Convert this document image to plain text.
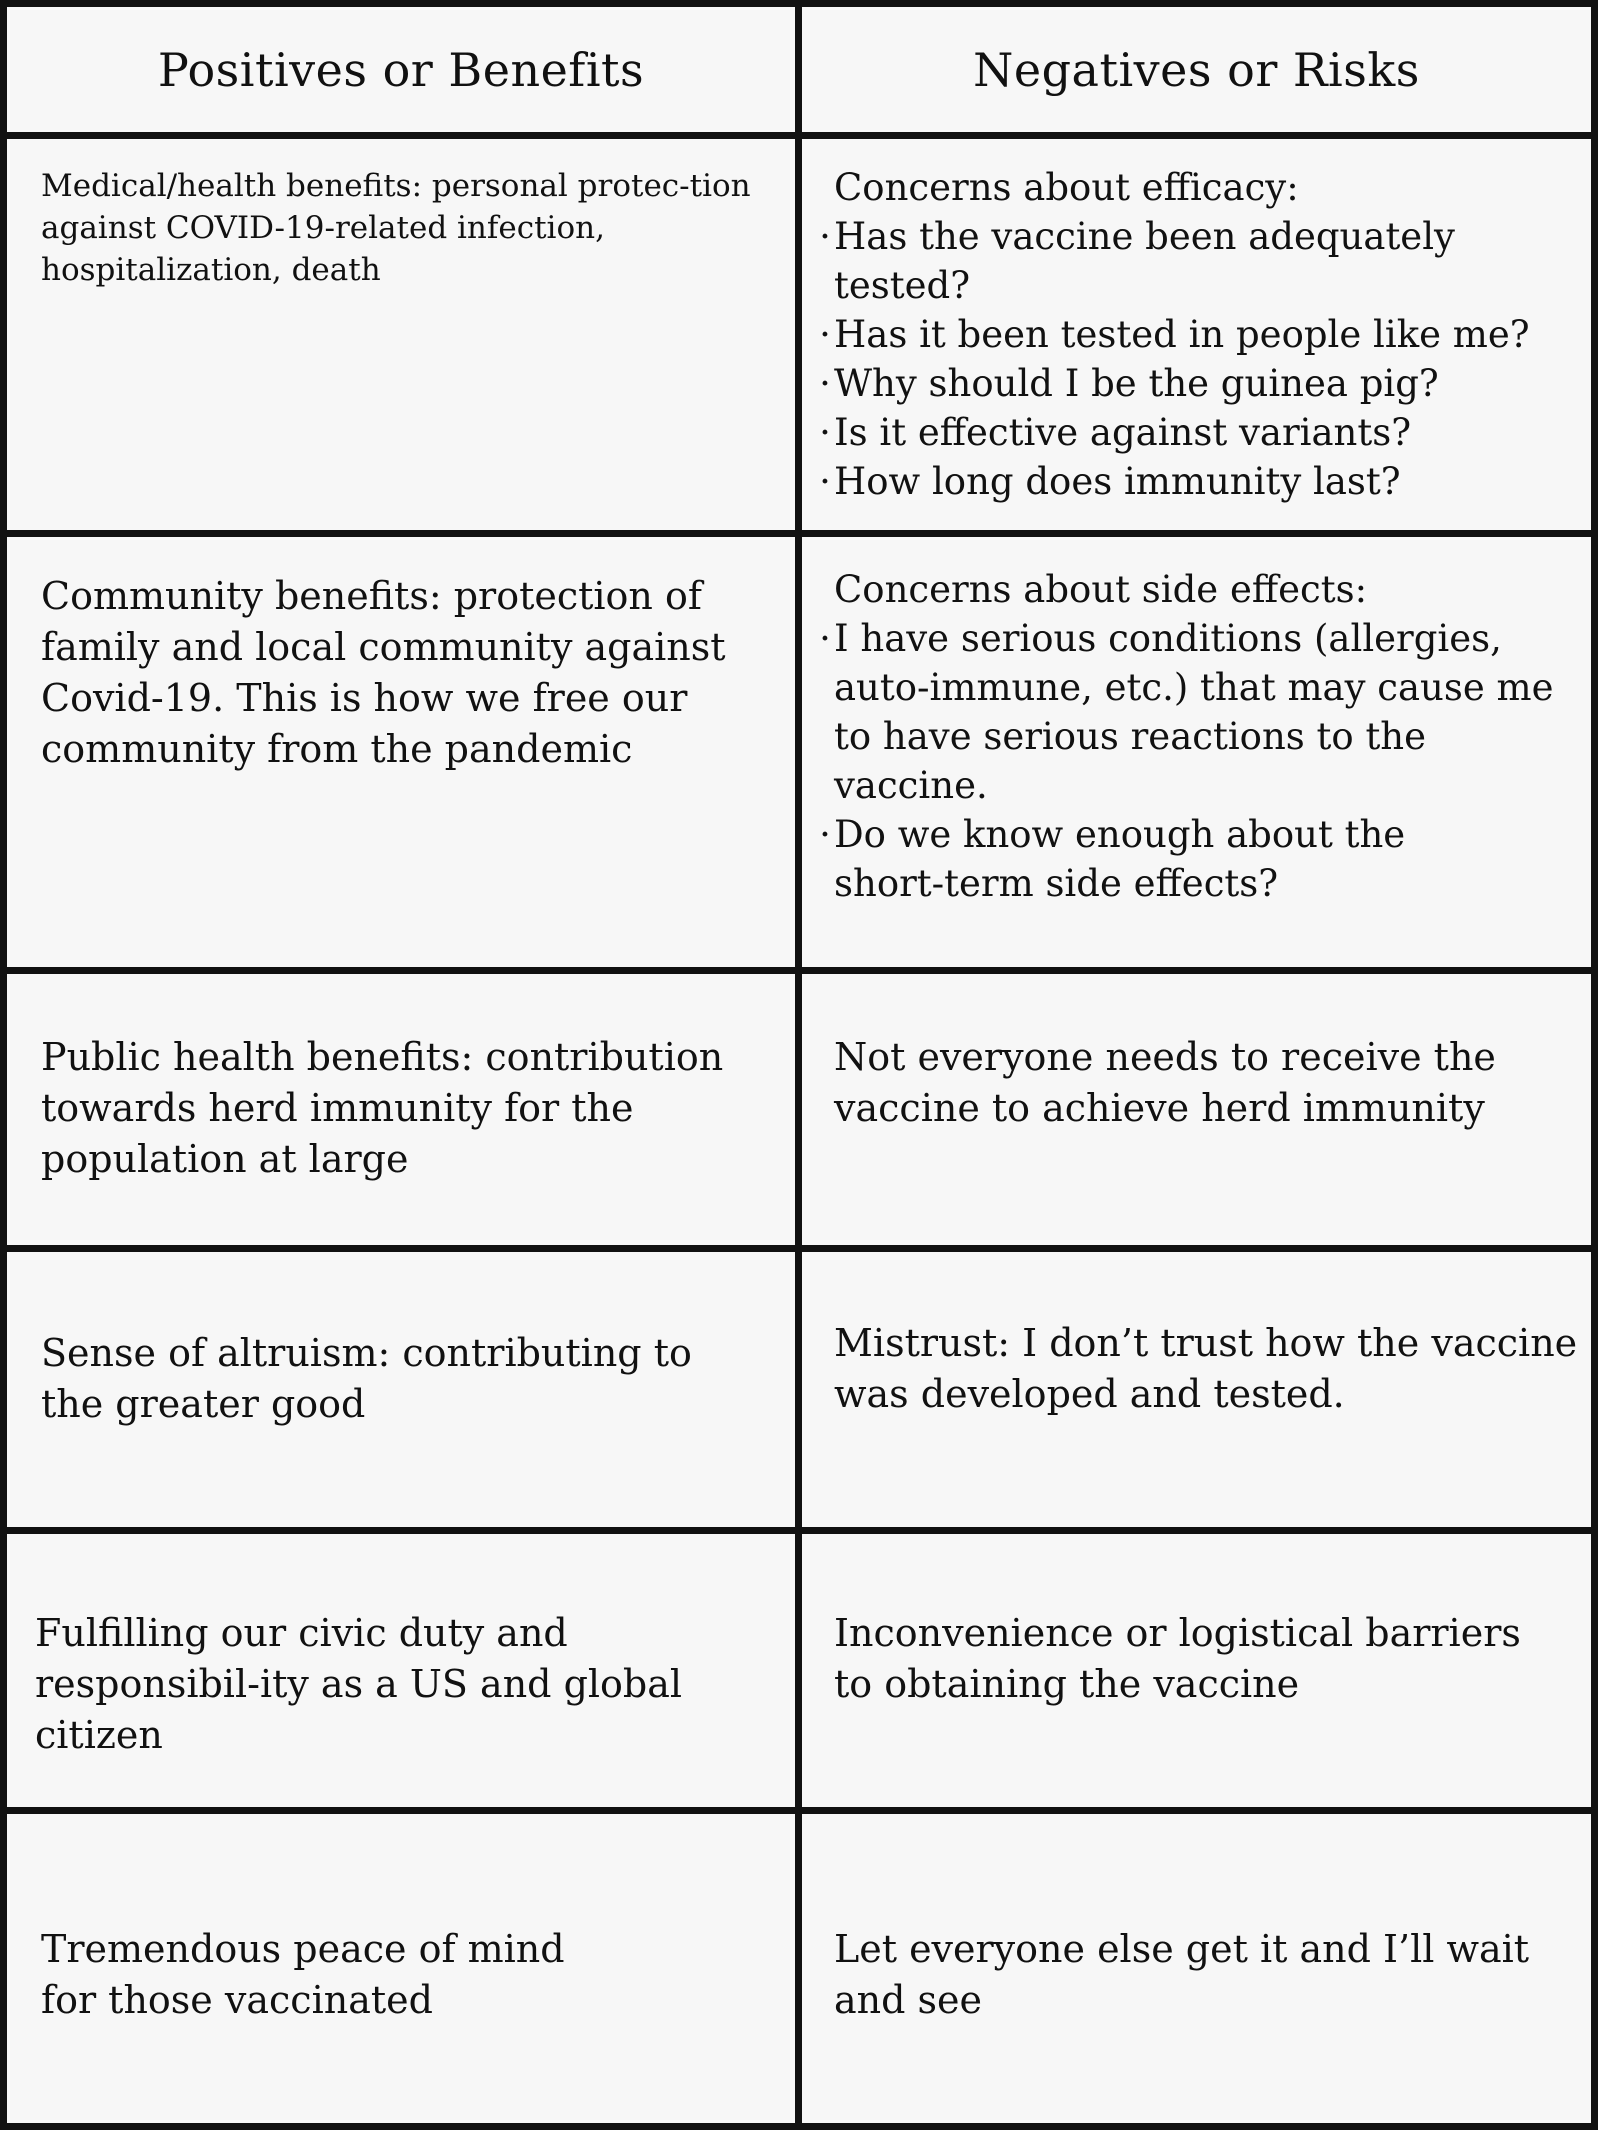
Positives or Benefits	Negatives or Risks
Medical/health benefits: personal protec-tion against COVID-19-related infection, hospitalization, death
Concerns about efficacy:
· Has the vaccine been adequately tested?
· Has it been tested in people like me?
· Why should I be the guinea pig?
· Is it effective against variants?
· How long does immunity last?
Community benefits: protection of family and local community against Covid-19. This is how we free our community from the pandemic
Concerns about side effects:
· I have serious conditions (allergies, auto-immune, etc.) that may cause me to have serious reactions to the vaccine.
· Do we know enough about the short-term side effects?
Public health benefits: contribution towards herd immunity for the population at large
Not everyone needs to receive the vaccine to achieve herd immunity
Sense of altruism: contributing to the greater good
Mistrust: I don’t trust how the vaccine was developed and tested.
Fulfilling our civic duty and responsibil-ity as a US and global citizen
Inconvenience or logistical barriers to obtaining the vaccine
Tremendous peace of mind for those vaccinated
Let everyone else get it and I’ll wait and see
